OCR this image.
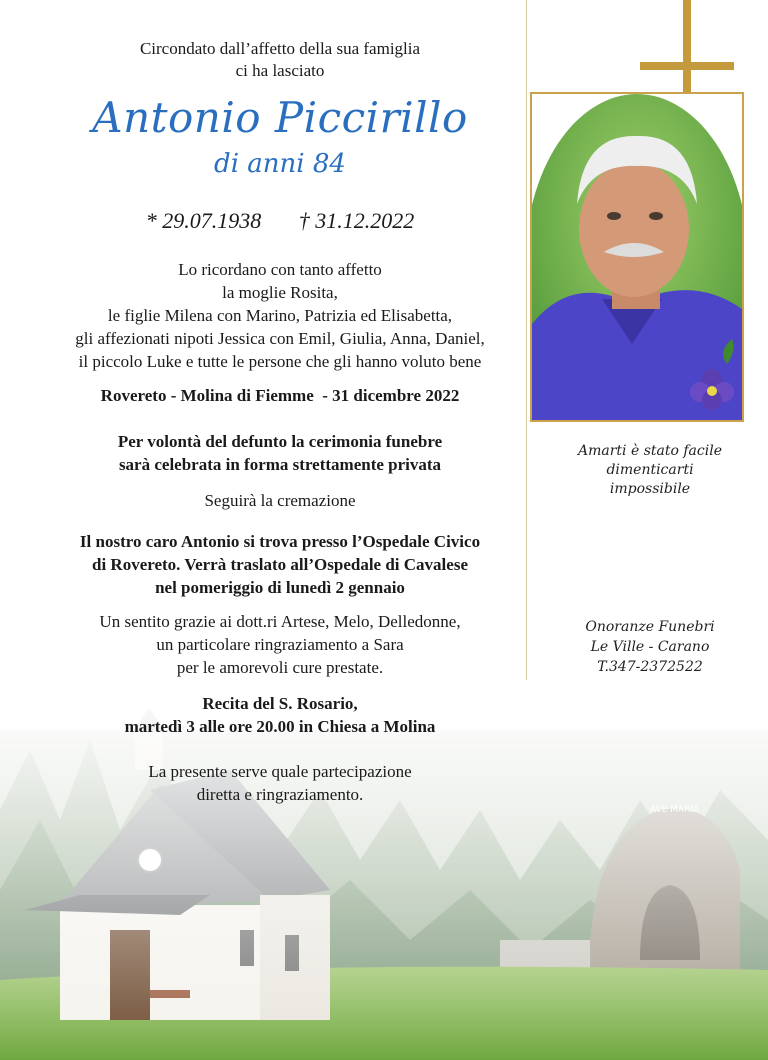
Circondato dall’affetto della sua famiglia
ci ha lasciato
Antonio Piccirillo
di anni 84
* 29.07.1938 † 31.12.2022
Lo ricordano con tanto affetto
la moglie Rosita,
le figlie Milena con Marino, Patrizia ed Elisabetta,
gli affezionati nipoti Jessica con Emil, Giulia, Anna, Daniel,
il piccolo Luke e tutte le persone che gli hanno voluto bene
Rovereto - Molina di Fiemme  - 31 dicembre 2022
Per volontà del defunto la cerimonia funebre
sarà celebrata in forma strettamente privata
Seguirà la cremazione
Il nostro caro Antonio si trova presso l’Ospedale Civico
di Rovereto. Verrà traslato all’Ospedale di Cavalese
nel pomeriggio di lunedì 2 gennaio
Un sentito grazie ai dott.ri Artese, Melo, Delledonne,
un particolare ringraziamento a Sara
per le amorevoli cure prestate.
Recita del S. Rosario,
martedì 3 alle ore 20.00 in Chiesa a Molina
La presente serve quale partecipazione
diretta e ringraziamento.
Amarti è stato facile
dimenticarti
impossibile
Onoranze Funebri
Le Ville - Carano
T.347-2372522
